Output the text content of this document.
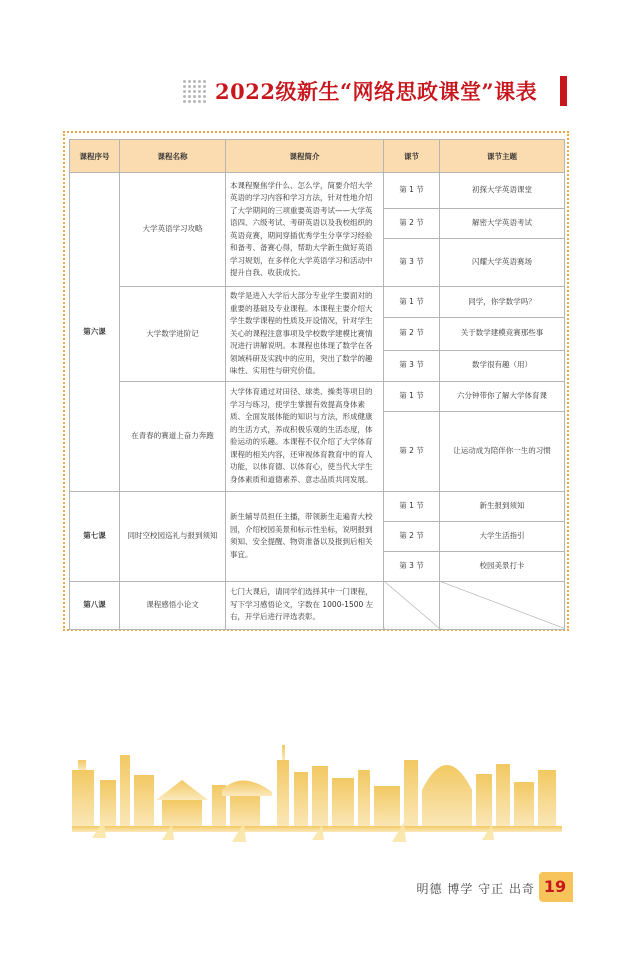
2022级新生“网络思政课堂”课表
课程序号	课程名称	课程简介	课节	课节主题
第六课	大学英语学习攻略	本课程聚焦学什么、怎么学，简要介绍大学英语的学习内容和学习方法，针对性地介绍了大学期间的三项重要英语考试——大学英语四、六级考试、考研英语以及我校组织的英语竞赛，期间穿插优秀学生分享学习经验和备考、备赛心得，帮助大学新生做好英语学习规划，在多样化大学英语学习和活动中提升自我、收获成长。	第 1 节	初探大学英语课堂
			第 2 节	解密大学英语考试
			第 3 节	闪耀大学英语赛场
	大学数学进阶记	数学是进入大学后大部分专业学生要面对的重要的基础及专业课程。本课程主要介绍大学生数学课程的性质及开设情况，针对学生关心的课程注意事项及学校数学建模比赛情况进行讲解说明。本课程也体现了数学在各领域科研及实践中的应用，突出了数学的趣味性、实用性与研究价值。	第 1 节	同学，你学数学吗？
			第 2 节	关于数学建模竞赛那些事
			第 3 节	数学很有趣（用）
	在青春的赛道上奋力奔跑	大学体育通过对田径、球类、操类等项目的学习与练习，使学生掌握有效提高身体素质、全面发展体能的知识与方法，形成健康的生活方式，养成积极乐观的生活态度，体验运动的乐趣。本课程不仅介绍了大学体育课程的相关内容，还审视体育教育中的育人功能，以体育德、以体育心，使当代大学生身体素质和道德素养、意志品质共同发展。	第 1 节	六分钟带你了解大学体育课
			第 2 节	让运动成为陪伴你一生的习惯
第七课	同时空校园巡礼与报到须知	新生辅导员担任主播，带领新生走遍青大校园，介绍校园美景和标示性坐标，说明报到须知、安全提醒、物资准备以及报到后相关事宜。	第 1 节	新生报到须知
			第 2 节	大学生活指引
			第 3 节	校园美景打卡
第八课	课程感悟小论文	七门大课后，请同学们选择其中一门课程，写下学习感悟论文，字数在 1000-1500 左右，开学后进行评选表彰。		
明德 博学 守正 出奇 19
